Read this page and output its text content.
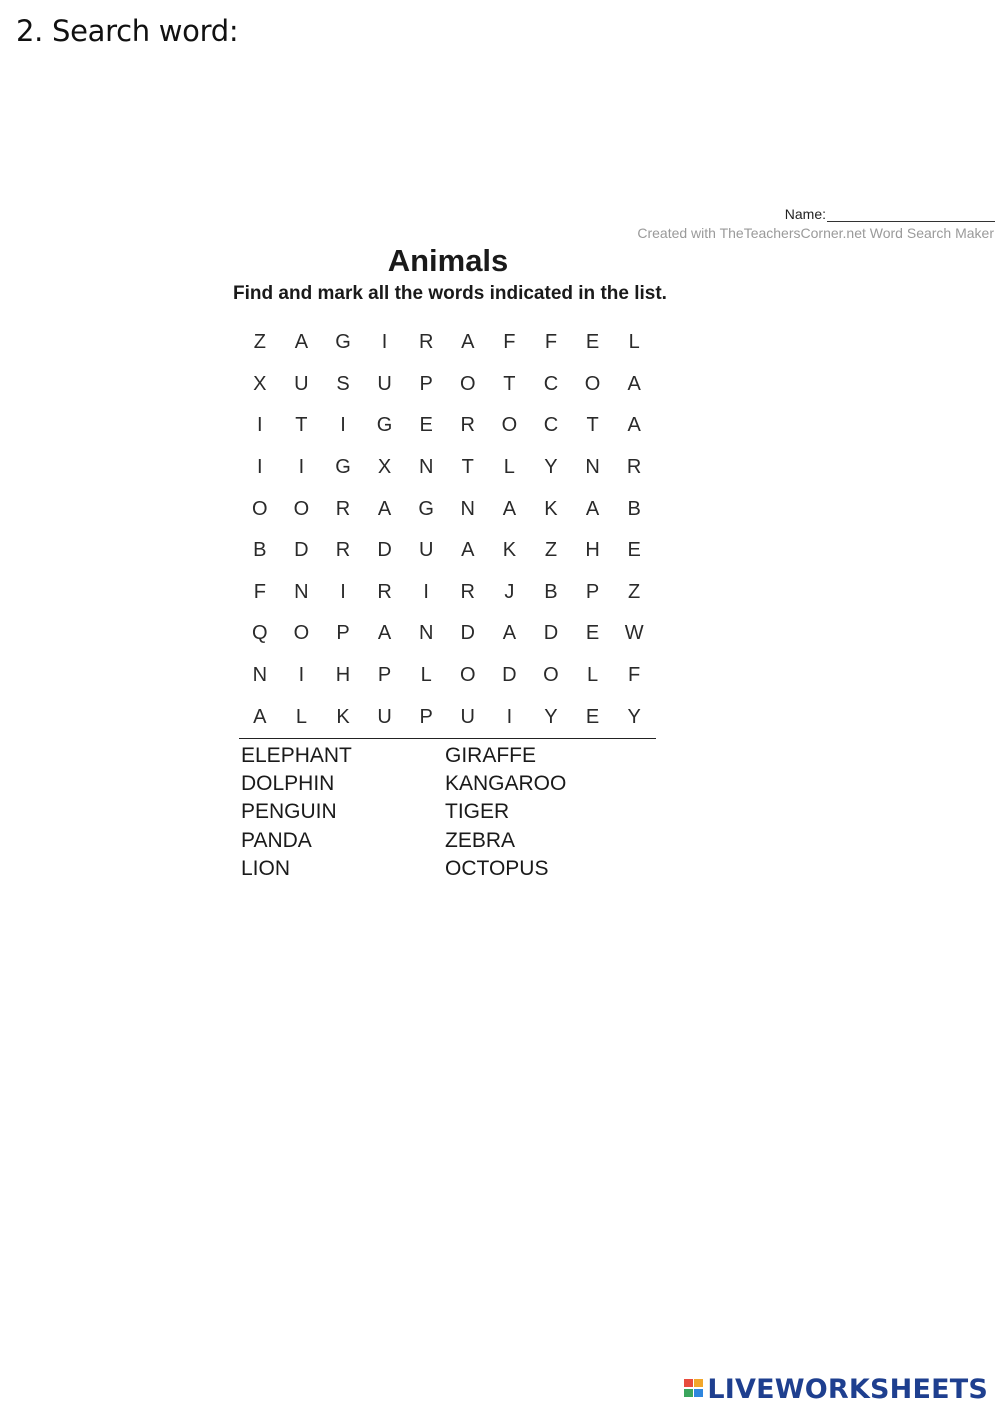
2. Search word:
Name:
Created with TheTeachersCorner.net Word Search Maker
Animals
Find and mark all the words indicated in the list.
Z	A	G	I	R	A	F	F	E	L
X	U	S	U	P	O	T	C	O	A
I	T	I	G	E	R	O	C	T	A
I	I	G	X	N	T	L	Y	N	R
O	O	R	A	G	N	A	K	A	B
B	D	R	D	U	A	K	Z	H	E
F	N	I	R	I	R	J	B	P	Z
Q	O	P	A	N	D	A	D	E	W
N	I	H	P	L	O	D	O	L	F
A	L	K	U	P	U	I	Y	E	Y
ELEPHANT
DOLPHIN
PENGUIN
PANDA
LION
GIRAFFE
KANGAROO
TIGER
ZEBRA
OCTOPUS
LIVEWORKSHEETS
